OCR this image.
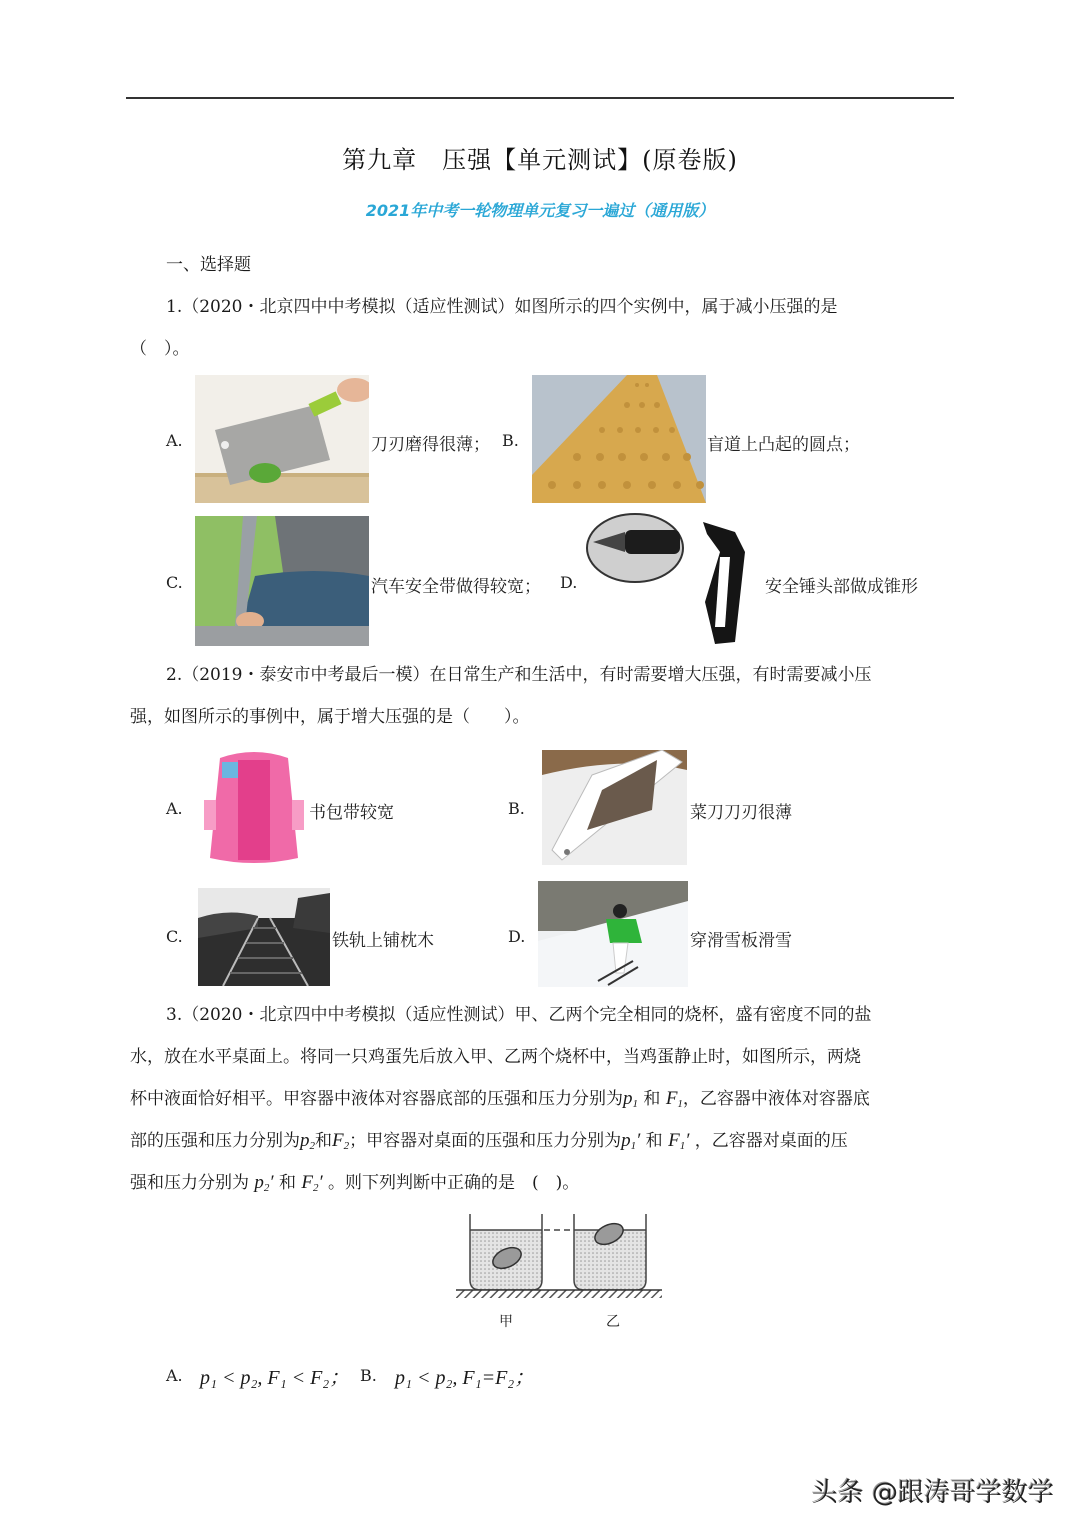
第九章　压强【单元测试】(原卷版)
2021年中考一轮物理单元复习一遍过（通用版）
一、选择题
1.（2020・北京四中中考模拟（适应性测试）如图所示的四个实例中，属于减小压强的是
（　）。
A.	刀刃磨得很薄； B.	盲道上凸起的圆点；
C.	汽车安全带做得较宽； D.	安全锤头部做成锥形
2.（2019・泰安市中考最后一模）在日常生产和生活中，有时需要增大压强，有时需要减小压
强，如图所示的事例中，属于增大压强的是（　　）。
A.	书包带较宽	B.	菜刀刀刃很薄
C.	铁轨上铺枕木	D.	穿滑雪板滑雪
3.（2020・北京四中中考模拟（适应性测试）甲、乙两个完全相同的烧杯，盛有密度不同的盐
水，放在水平桌面上。将同一只鸡蛋先后放入甲、乙两个烧杯中，当鸡蛋静止时，如图所示，两烧
杯中液面恰好相平。甲容器中液体对容器底部的压强和压力分别为$p_1$ 和 $F_1$，乙容器中液体对容器底
部的压强和压力分别为$p_2$和$F_2$；甲容器对桌面的压强和压力分别为$p_1'$ 和 $F_1'$ ，乙容器对桌面的压
强和压力分别为 $p_2'$ 和 $F_2'$ 。则下列判断中正确的是　(　)。
甲	乙
A. p₁ < p₂, F₁ < F₂； B. p₁ < p₂, F₁=F₂；
头条 @跟涛哥学数学
